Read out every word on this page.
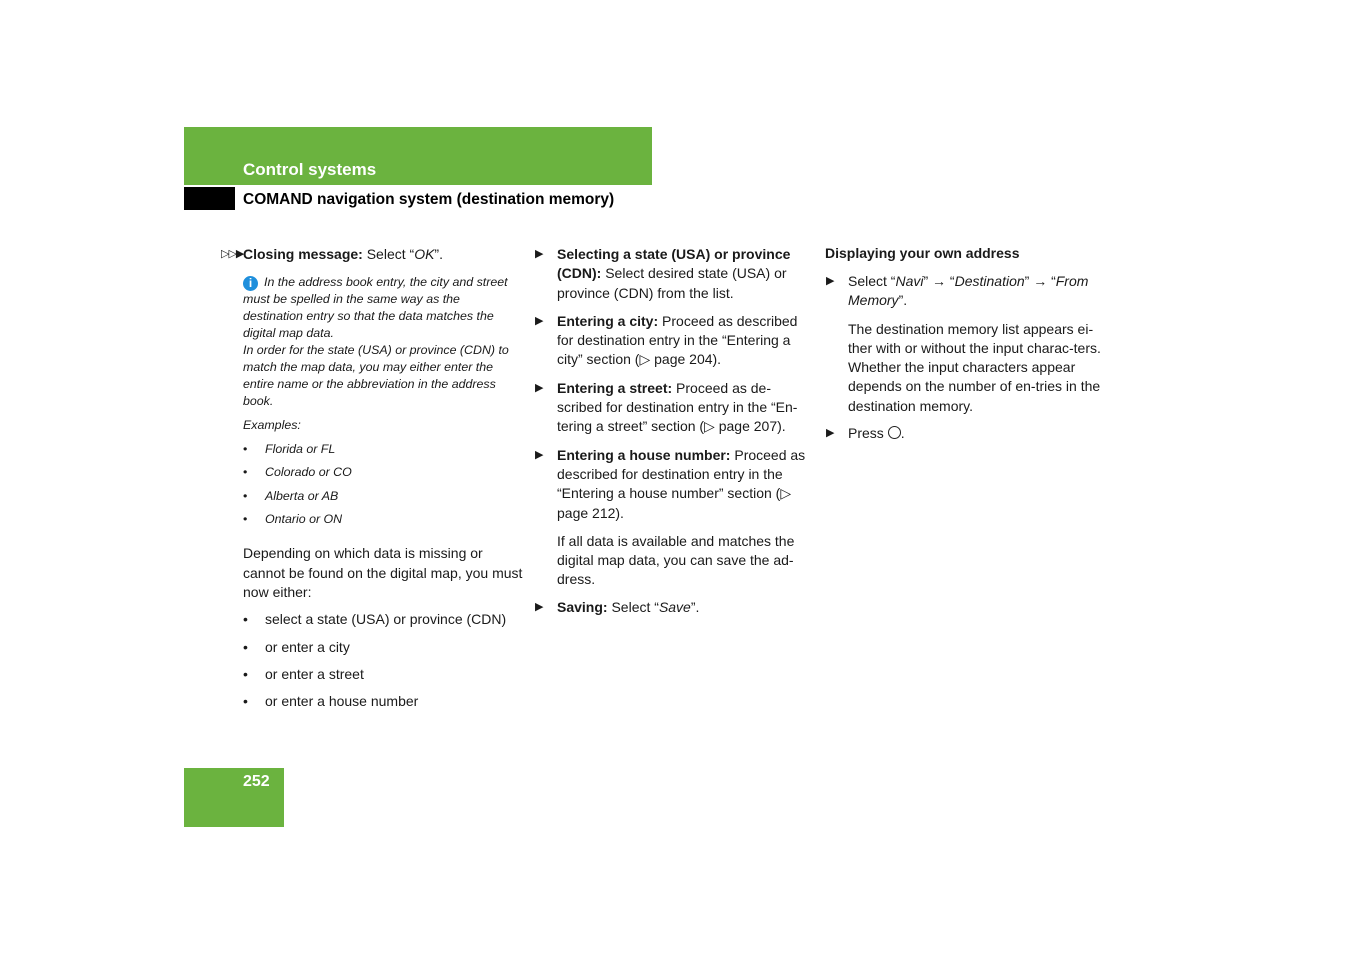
Control systems
COMAND navigation system (destination memory)
▷▷▶ Closing message: Select “OK”.
i In the address book entry, the city and street must be spelled in the same way as the destination entry so that the data matches the digital map data.
In order for the state (USA) or province (CDN) to match the map data, you may either enter the entire name or the abbreviation in the address book.
Examples:
• Florida or FL
• Colorado or CO
• Alberta or AB
• Ontario or ON

Depending on which data is missing or cannot be found on the digital map, you must now either:

• select a state (USA) or province (CDN)
• or enter a city
• or enter a street
• or enter a house number
▶ Selecting a state (USA) or province (CDN): Select desired state (USA) or province (CDN) from the list.
▶ Entering a city: Proceed as described for destination entry in the “Entering a city” section (▷ page 204).
▶ Entering a street: Proceed as de-scribed for destination entry in the “En-tering a street” section (▷ page 207).
▶ Entering a house number: Proceed as described for destination entry in the “Entering a house number” section (▷ page 212).

If all data is available and matches the digital map data, you can save the ad-dress.

▶ Saving: Select “Save”.
Displaying your own address
▶ Select “Navi” → “Destination” → “From Memory”.

The destination memory list appears ei-ther with or without the input charac-ters. Whether the input characters appear depends on the number of en-tries in the destination memory.

▶ Press .
252
